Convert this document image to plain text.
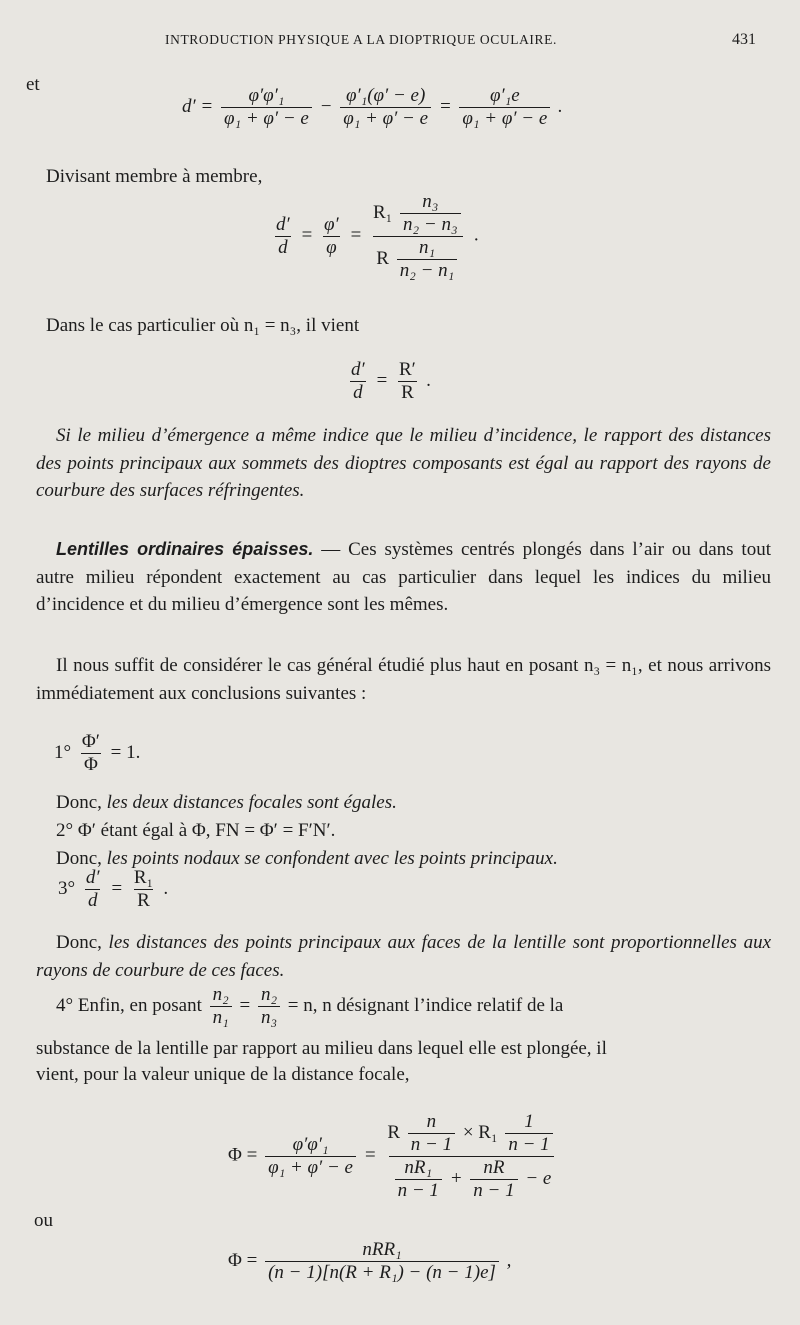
INTRODUCTION PHYSIQUE A LA DIOPTRIQUE OCULAIRE.	431
et
$d' = \frac{\text{φ′φ′₁}}{\text{φ₁ + φ′ − e}} - \frac{\text{φ′₁(φ′ − e)}}{\text{φ₁ + φ′ − e}} = \frac{\text{φ′₁e}}{\text{φ₁ + φ′ − e}}$ .
Divisant membre à membre,
$\frac{d'}{d} = \frac{\varphi'}{\varphi} = \frac{R_1 \frac{\text{n₃}}{\text{n₂ − n₃}}}{R \frac{\text{n₁}}{\text{n₂ − n₁}}}$ .
Dans le cas particulier où n₁ = n₃, il vient
$\frac{d'}{d} = \frac{R'}{R}$ .

Si le milieu d’émergence a même indice que le milieu d’incidence, le rapport des distances des points principaux aux sommets des dioptres composants est égal au rapport des rayons de courbure des surfaces réfringentes.

Lentilles ordinaires épaisses. — Ces systèmes centrés plongés dans l’air ou dans tout autre milieu répondent exactement au cas particulier dans lequel les indices du milieu d’incidence et du milieu d’émergence sont les mêmes.

Il nous suffit de considérer le cas général étudié plus haut en posant n₃ = n₁, et nous arrivons immédiatement aux conclusions suivantes :

$1^\circ \frac{\Phi'}{\Phi} = 1$.
Donc, les deux distances focales sont égales.
2° Φ′ étant égal à Φ, FN = Φ′ = F′N′.
Donc, les points nodaux se confondent avec les points principaux.
$3^\circ \frac{d'}{d} = \frac{\text{R₁}}{R}$ .

Donc, les distances des points principaux aux faces de la lentille sont proportionnelles aux rayons de courbure de ces faces.

4° Enfin, en posant $\frac{\text{n₂}}{\text{n₁}} = \frac{\text{n₂}}{\text{n₃}} = n$, n désignant l’indice relatif de la
substance de la lentille par rapport au milieu dans lequel elle est plongée, il
vient, pour la valeur unique de la distance focale,
$\Phi = \frac{\text{φ′φ′₁}}{\text{φ₁ + φ′ − e}}$ =
R $\frac{n}{n - 1} \times R_1 \frac{1}{n - 1}$
$\frac{\text{nR₁}}{n - 1} + \frac{nR}{n - 1} - e$
ou
$\Phi = \frac{\text{nRR₁}}{\text{(n − 1)[n(R + R₁) − (n − 1)e]}}$ ,
